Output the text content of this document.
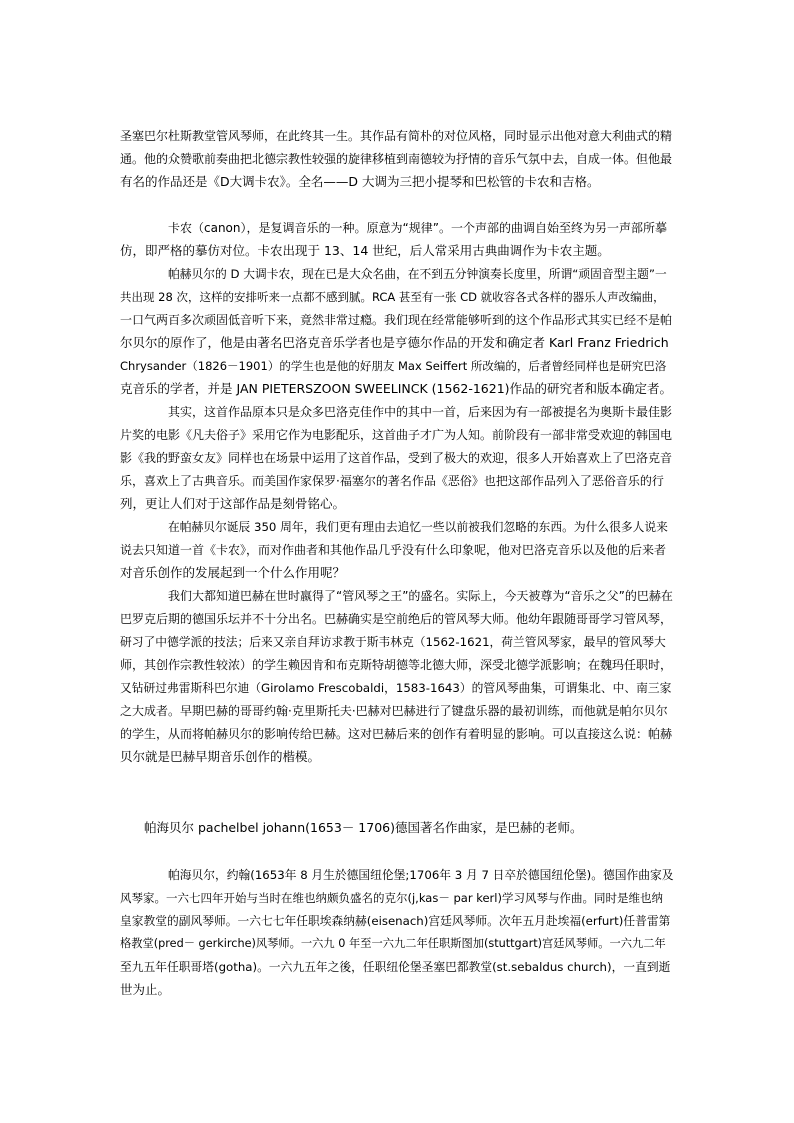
圣塞巴尔杜斯教堂管风琴师，在此终其一生。其作品有简朴的对位风格，同时显示出他对意大利曲式的精
通。他的众赞歌前奏曲把北德宗教性较强的旋律移植到南德较为抒情的音乐气氛中去，自成一体。但他最
有名的作品还是《D大调卡农》。全名——D 大调为三把小提琴和巴松管的卡农和吉格。
卡农（canon），是复调音乐的一种。原意为“规律”。一个声部的曲调自始至终为另一声部所摹
仿，即严格的摹仿对位。卡农出现于 13、14 世纪，后人常采用古典曲调作为卡农主题。
帕赫贝尔的 D 大调卡农，现在已是大众名曲，在不到五分钟演奏长度里，所谓“顽固音型主题”一
共出现 28 次，这样的安排听来一点都不感到腻。RCA 甚至有一张 CD 就收容各式各样的器乐人声改编曲，
一口气两百多次顽固低音听下来，竟然非常过瘾。我们现在经常能够听到的这个作品形式其实已经不是帕
尔贝尔的原作了，他是由著名巴洛克音乐学者也是亨德尔作品的开发和确定者 Karl Franz Friedrich
Chrysander（1826－1901）的学生也是他的好朋友 Max Seiffert 所改编的，后者曾经同样也是研究巴洛
克音乐的学者，并是 JAN PIETERSZOON SWEELINCK (1562-1621)作品的研究者和版本确定者。
其实，这首作品原本只是众多巴洛克佳作中的其中一首，后来因为有一部被提名为奥斯卡最佳影
片奖的电影《凡夫俗子》采用它作为电影配乐，这首曲子才广为人知。前阶段有一部非常受欢迎的韩国电
影《我的野蛮女友》同样也在场景中运用了这首作品，受到了极大的欢迎，很多人开始喜欢上了巴洛克音
乐，喜欢上了古典音乐。而美国作家保罗·福塞尔的著名作品《恶俗》也把这部作品列入了恶俗音乐的行
列，更让人们对于这部作品是刻骨铭心。
在帕赫贝尔诞辰 350 周年，我们更有理由去追忆一些以前被我们忽略的东西。为什么很多人说来
说去只知道一首《卡农》，而对作曲者和其他作品几乎没有什么印象呢，他对巴洛克音乐以及他的后来者
对音乐创作的发展起到一个什么作用呢？
我们大都知道巴赫在世时嬴得了“管风琴之王”的盛名。实际上，今天被尊为“音乐之父”的巴赫在
巴罗克后期的德国乐坛并不十分出名。巴赫确实是空前绝后的管风琴大师。他幼年跟随哥哥学习管风琴，
研习了中德学派的技法；后来又亲自拜访求教于斯韦林克（1562-1621，荷兰管风琴家，最早的管风琴大
师，其创作宗教性较浓）的学生赖因肯和布克斯特胡德等北德大师，深受北德学派影响；在魏玛任职时，
又钻研过弗雷斯科巴尔迪（Girolamo Frescobaldi，1583-1643）的管风琴曲集，可谓集北、中、南三家
之大成者。早期巴赫的哥哥约翰·克里斯托夫·巴赫对巴赫进行了键盘乐器的最初训练，而他就是帕尔贝尔
的学生，从而将帕赫贝尔的影响传给巴赫。这对巴赫后来的创作有着明显的影响。可以直接这么说：帕赫
贝尔就是巴赫早期音乐创作的楷模。
帕海贝尔 pachelbel johann(1653－ 1706)德国著名作曲家，是巴赫的老师。
帕海贝尔，约翰(1653年 8 月生於德国纽伦堡;1706年 3 月 7 日卒於德国纽伦堡)。德国作曲家及
风琴家。一六七四年开始与当时在维也纳颇负盛名的克尔(j,kas－ par kerl)学习风琴与作曲。同时是维也纳
皇家教堂的副风琴师。一六七七年任职埃森纳赫(eisenach)宫廷风琴师。次年五月赴埃福(erfurt)任普雷第
格教堂(pred－ gerkirche)风琴师。一六九 0 年至一六九二年任职斯图加(stuttgart)宫廷风琴师。一六九二年
至九五年任职哥塔(gotha)。一六九五年之後，任职纽伦堡圣塞巴都教堂(st.sebaldus church)，一直到逝
世为止。
